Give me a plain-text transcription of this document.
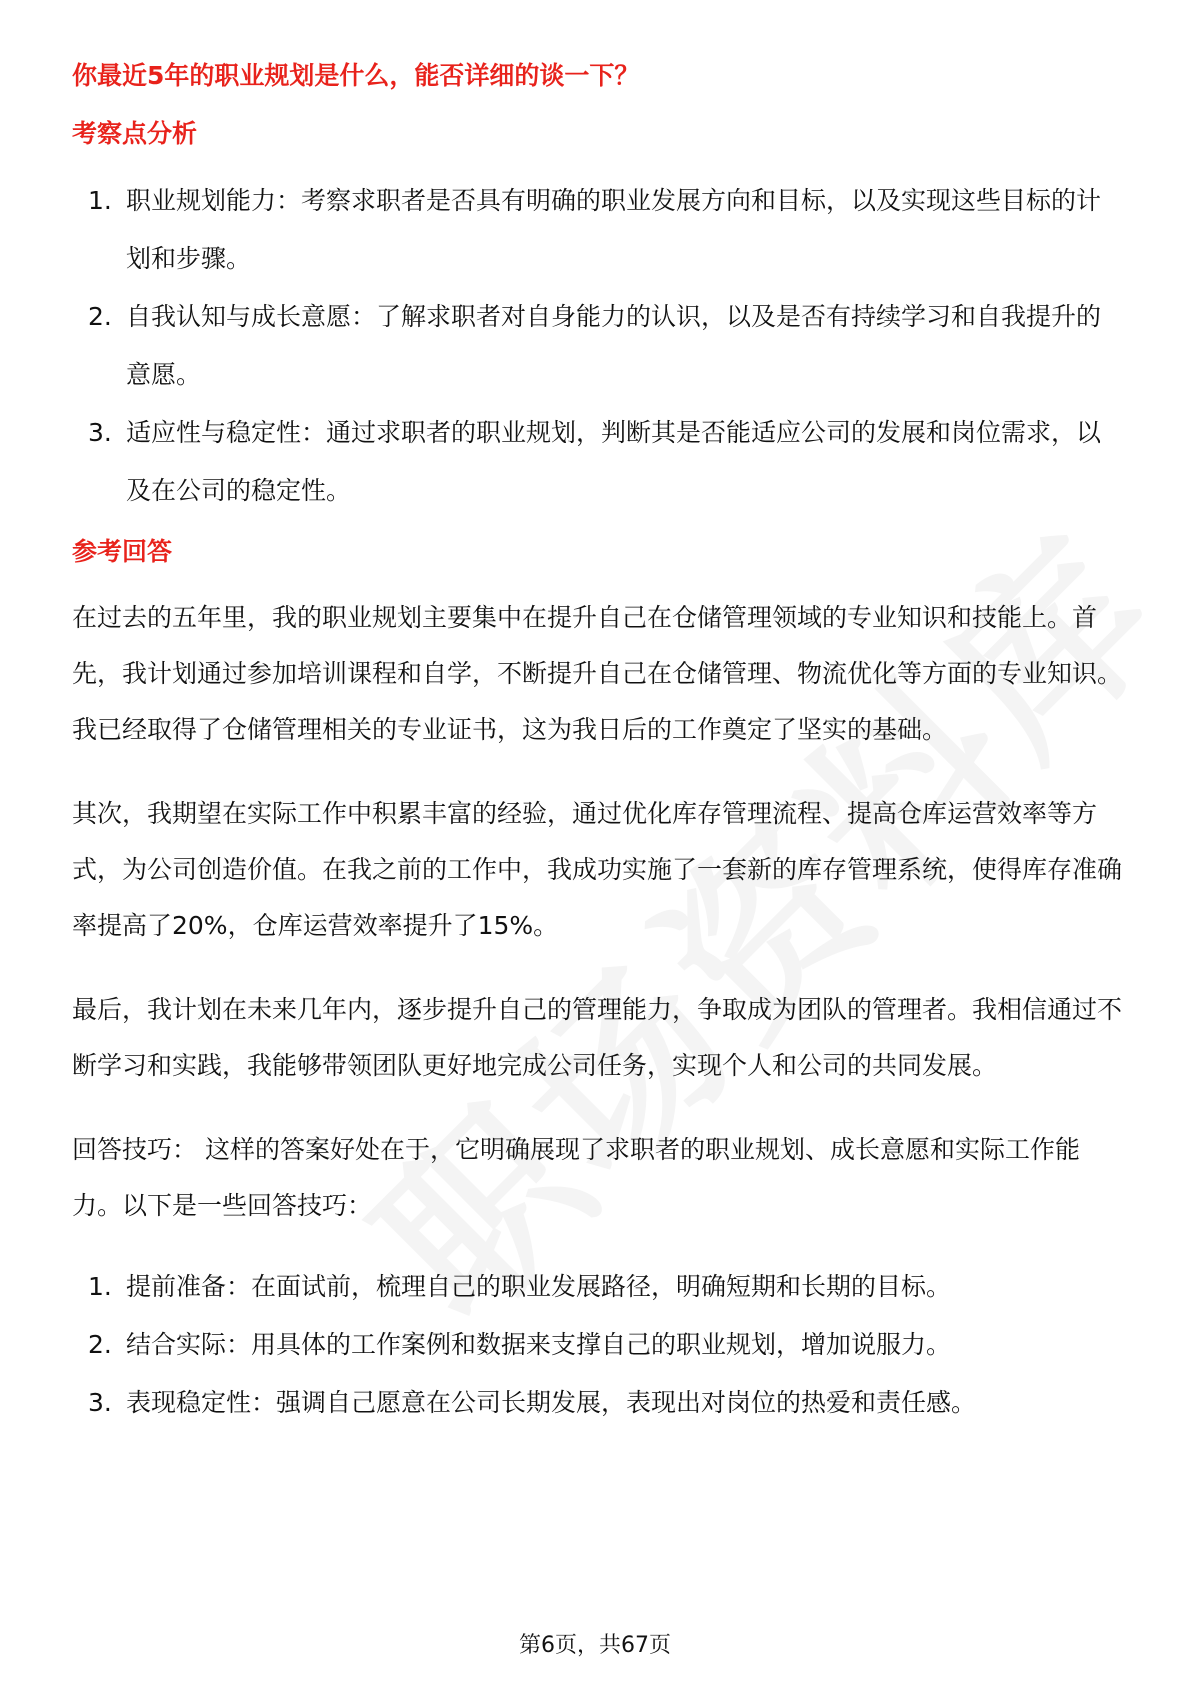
你最近5年的职业规划是什么，能否详细的谈一下？

考察点分析

1. 职业规划能力：考察求职者是否具有明确的职业发展方向和目标，以及实现这些目标的计划和步骤。
2. 自我认知与成长意愿：了解求职者对自身能力的认识，以及是否有持续学习和自我提升的意愿。
3. 适应性与稳定性：通过求职者的职业规划，判断其是否能适应公司的发展和岗位需求，以及在公司的稳定性。

参考回答

在过去的五年里，我的职业规划主要集中在提升自己在仓储管理领域的专业知识和技能上。首先，我计划通过参加培训课程和自学，不断提升自己在仓储管理、物流优化等方面的专业知识。我已经取得了仓储管理相关的专业证书，这为我日后的工作奠定了坚实的基础。

其次，我期望在实际工作中积累丰富的经验，通过优化库存管理流程、提高仓库运营效率等方式，为公司创造价值。在我之前的工作中，我成功实施了一套新的库存管理系统，使得库存准确率提高了20%，仓库运营效率提升了15%。

最后，我计划在未来几年内，逐步提升自己的管理能力，争取成为团队的管理者。我相信通过不断学习和实践，我能够带领团队更好地完成公司任务，实现个人和公司的共同发展。

回答技巧： 这样的答案好处在于，它明确展现了求职者的职业规划、成长意愿和实际工作能力。以下是一些回答技巧：

1. 提前准备：在面试前，梳理自己的职业发展路径，明确短期和长期的目标。
2. 结合实际：用具体的工作案例和数据来支撑自己的职业规划，增加说服力。
3. 表现稳定性：强调自己愿意在公司长期发展，表现出对岗位的热爱和责任感。
第6页，共67页
